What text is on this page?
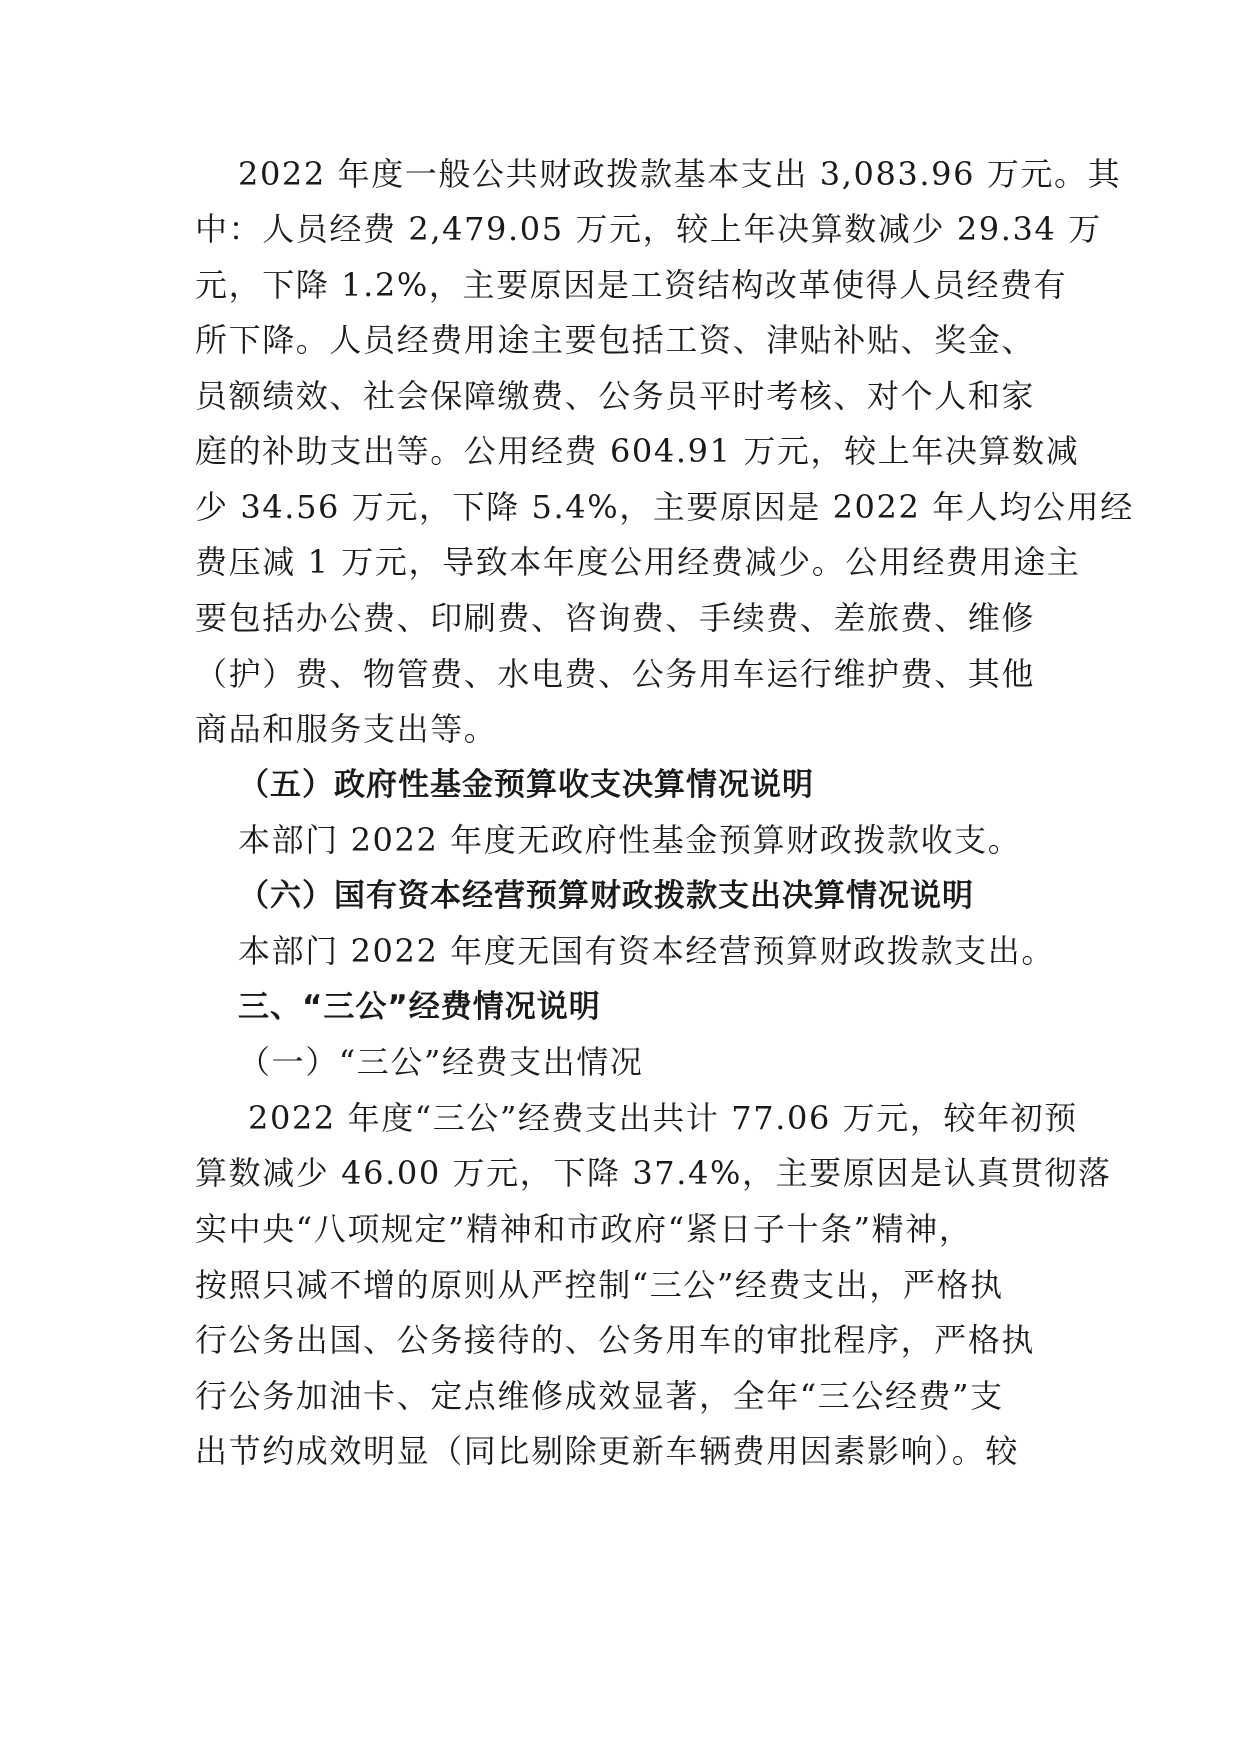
2022 年度一般公共财政拨款基本支出 3,083.96 万元。其
中：人员经费 2,479.05 万元，较上年决算数减少 29.34 万
元，下降 1.2%，主要原因是工资结构改革使得人员经费有
所下降。人员经费用途主要包括工资、津贴补贴、奖金、
员额绩效、社会保障缴费、公务员平时考核、对个人和家
庭的补助支出等。公用经费 604.91 万元，较上年决算数减
少 34.56 万元，下降 5.4%，主要原因是 2022 年人均公用经
费压减 1 万元，导致本年度公用经费减少。公用经费用途主
要包括办公费、印刷费、咨询费、手续费、差旅费、维修
（护）费、物管费、水电费、公务用车运行维护费、其他
商品和服务支出等。
（五）政府性基金预算收支决算情况说明
本部门 2022 年度无政府性基金预算财政拨款收支。
（六）国有资本经营预算财政拨款支出决算情况说明
本部门 2022 年度无国有资本经营预算财政拨款支出。
三、“三公”经费情况说明
（一）“三公”经费支出情况
2022 年度“三公”经费支出共计 77.06 万元，较年初预
算数减少 46.00 万元，下降 37.4%，主要原因是认真贯彻落
实中央“八项规定”精神和市政府“紧日子十条”精神，
按照只减不增的原则从严控制“三公”经费支出，严格执
行公务出国、公务接待的、公务用车的审批程序，严格执
行公务加油卡、定点维修成效显著，全年“三公经费”支
出节约成效明显（同比剔除更新车辆费用因素影响）。较
